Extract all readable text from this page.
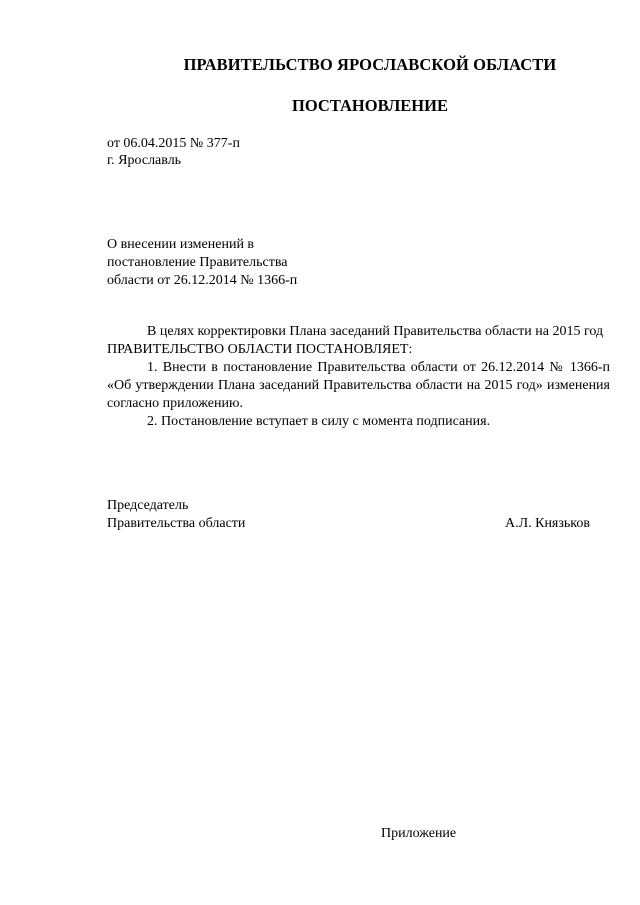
ПРАВИТЕЛЬСТВО ЯРОСЛАВСКОЙ ОБЛАСТИ
ПОСТАНОВЛЕНИЕ
от 06.04.2015 № 377-п
г. Ярославль
О внесении изменений в
постановление Правительства
области от 26.12.2014 № 1366-п

В целях корректировки Плана заседаний Правительства области на 2015 год

ПРАВИТЕЛЬСТВО ОБЛАСТИ ПОСТАНОВЛЯЕТ:

1. Внести в постановление Правительства области от 26.12.2014 № 1366-п «Об утверждении Плана заседаний Правительства области на 2015 год» изменения согласно приложению.

2. Постановление вступает в силу с момента подписания.

Председатель
Правительства области	А.Л. Князьков
Приложение
